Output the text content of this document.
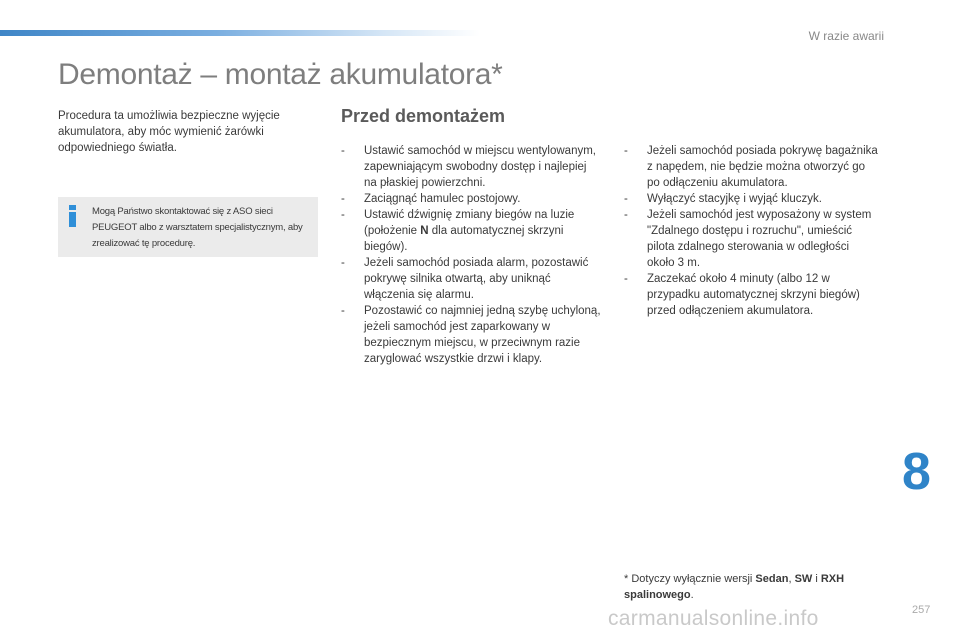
W razie awarii
Demontaż – montaż akumulatora*

Procedura ta umożliwia bezpieczne wyjęcie akumulatora, aby móc wymienić żarówki odpowiedniego światła.

Mogą Państwo skontaktować się z ASO sieci PEUGEOT albo z warsztatem specjalistycznym, aby zrealizować tę procedurę.

Przed demontażem
- Ustawić samochód w miejscu wentylowanym, zapewniającym swobodny dostęp i najlepiej na płaskiej powierzchni.
- Zaciągnąć hamulec postojowy.
- Ustawić dźwignię zmiany biegów na luzie (położenie N dla automatycznej skrzyni biegów).
- Jeżeli samochód posiada alarm, pozostawić pokrywę silnika otwartą, aby uniknąć włączenia się alarmu.
- Pozostawić co najmniej jedną szybę uchyloną, jeżeli samochód jest zaparkowany w bezpiecznym miejscu, w przeciwnym razie zaryglować wszystkie drzwi i klapy.
- Jeżeli samochód posiada pokrywę bagażnika z napędem, nie będzie można otworzyć go po odłączeniu akumulatora.
- Wyłączyć stacyjkę i wyjąć kluczyk.
- Jeżeli samochód jest wyposażony w system "Zdalnego dostępu i rozruchu", umieścić pilota zdalnego sterowania w odległości około 3 m.
- Zaczekać około 4 minuty (albo 12 w przypadku automatycznej skrzyni biegów) przed odłączeniem akumulatora.
8

* Dotyczy wyłącznie wersji Sedan, SW i RXH spalinowego.

carmanualsonline.info	257
